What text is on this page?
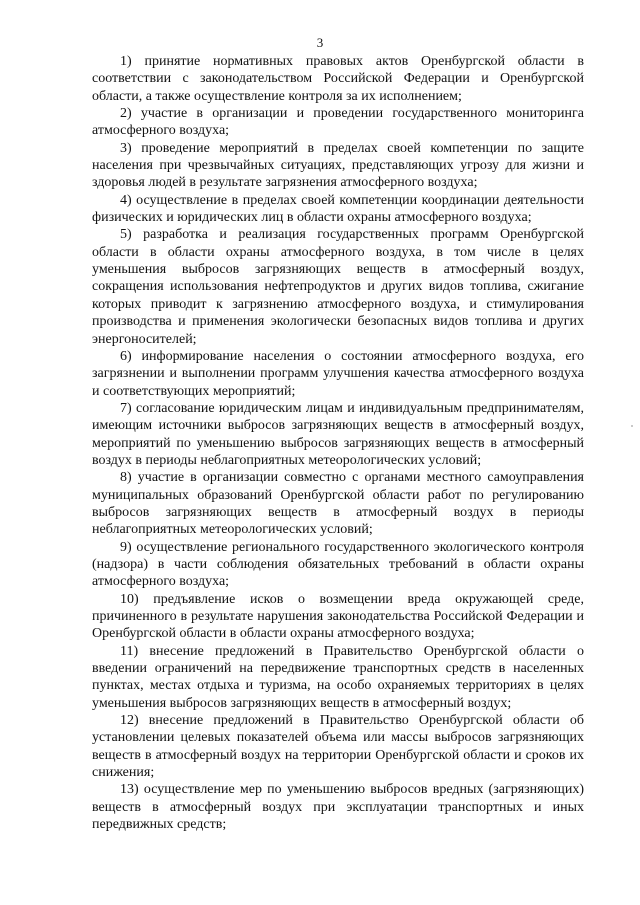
3

1) принятие нормативных правовых актов Оренбургской области в соответствии с законодательством Российской Федерации и Оренбургской области, а также осуществление контроля за их исполнением;

2) участие в организации и проведении государственного мониторинга атмосферного воздуха;

3) проведение мероприятий в пределах своей компетенции по защите населения при чрезвычайных ситуациях, представляющих угрозу для жизни и здоровья людей в результате загрязнения атмосферного воздуха;

4) осуществление в пределах своей компетенции координации деятельности физических и юридических лиц в области охраны атмосферного воздуха;

5) разработка и реализация государственных программ Оренбургской области в области охраны атмосферного воздуха, в том числе в целях уменьшения выбросов загрязняющих веществ в атмосферный воздух, сокращения использования нефтепродуктов и других видов топлива, сжигание которых приводит к загрязнению атмосферного воздуха, и стимулирования производства и применения экологически безопасных видов топлива и других энергоносителей;

6) информирование населения о состоянии атмосферного воздуха, его загрязнении и выполнении программ улучшения качества атмосферного воздуха и соответствующих мероприятий;

7) согласование юридическим лицам и индивидуальным предпринимателям, имеющим источники выбросов загрязняющих веществ в атмосферный воздух, мероприятий по уменьшению выбросов загрязняющих веществ в атмосферный воздух в периоды неблагоприятных метеорологических условий;

8) участие в организации совместно с органами местного самоуправления муниципальных образований Оренбургской области работ по регулированию выбросов загрязняющих веществ в атмосферный воздух в периоды неблагоприятных метеорологических условий;

9) осуществление регионального государственного экологического контроля (надзора) в части соблюдения обязательных требований в области охраны атмосферного воздуха;

10) предъявление исков о возмещении вреда окружающей среде, причиненного в результате нарушения законодательства Российской Федерации и Оренбургской области в области охраны атмосферного воздуха;

11) внесение предложений в Правительство Оренбургской области о введении ограничений на передвижение транспортных средств в населенных пунктах, местах отдыха и туризма, на особо охраняемых территориях в целях уменьшения выбросов загрязняющих веществ в атмосферный воздух;

12) внесение предложений в Правительство Оренбургской области об установлении целевых показателей объема или массы выбросов загрязняющих веществ в атмосферный воздух на территории Оренбургской области и сроков их снижения;

13) осуществление мер по уменьшению выбросов вредных (загрязняющих) веществ в атмосферный воздух при эксплуатации транспортных и иных передвижных средств;
